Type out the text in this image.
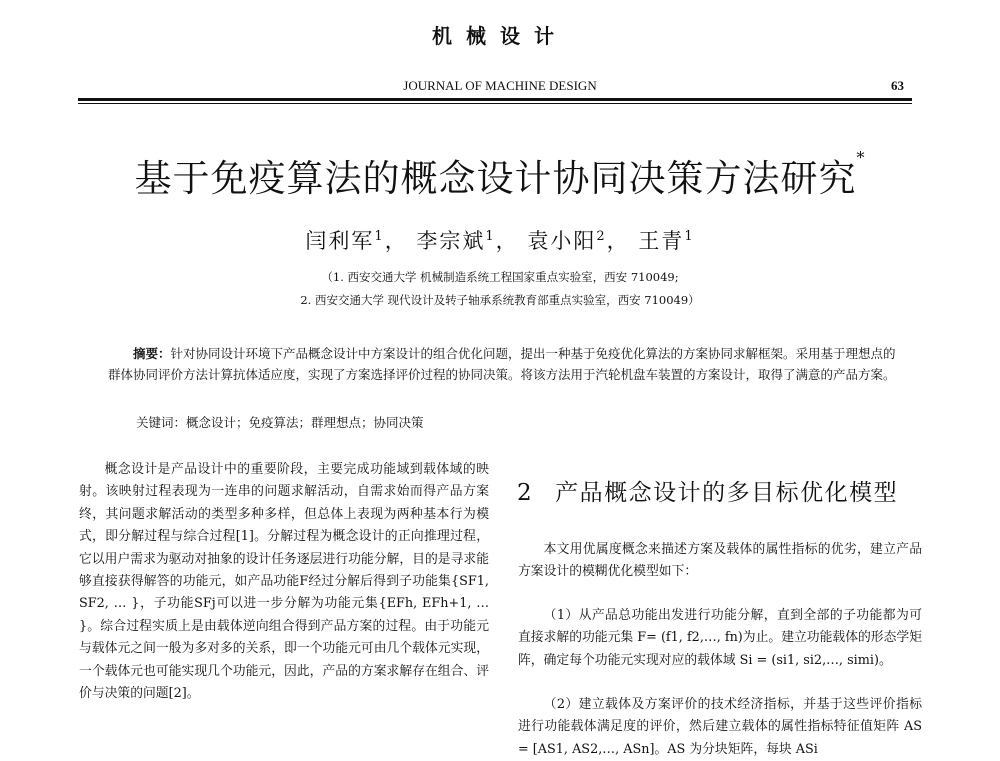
机械设计
JOURNAL OF MACHINE DESIGN	63
基于免疫算法的概念设计协同决策方法研究*
闫利军$^1$， 李宗斌$^1$， 袁小阳$^2$， 王青$^1$
（1. 西安交通大学 机械制造系统工程国家重点实验室，西安 710049;
2. 西安交通大学 现代设计及转子轴承系统教育部重点实验室，西安 710049）
摘要：针对协同设计环境下产品概念设计中方案设计的组合优化问题，提出一种基于免疫优化算法的方案协同求解框架。采用基于理想点的群体协同评价方法计算抗体适应度，实现了方案选择评价过程的协同决策。将该方法用于汽轮机盘车装置的方案设计，取得了满意的产品方案。
关键词：概念设计；免疫算法；群理想点；协同决策
概念设计是产品设计中的重要阶段，主要完成功能域到载体域的映射。该映射过程表现为一连串的问题求解活动，自需求始而得产品方案终，其问题求解活动的类型多种多样，但总体上表现为两种基本行为模式，即分解过程与综合过程[1]。分解过程为概念设计的正向推理过程，它以用户需求为驱动对抽象的设计任务逐层进行功能分解，目的是寻求能够直接获得解答的功能元，如产品功能F经过分解后得到子功能集{SF1, SF2, … }，子功能SFj可以进一步分解为功能元集{EFh, EFh+1, … }。综合过程实质上是由载体逆向组合得到产品方案的过程。由于功能元与载体元之间一般为多对多的关系，即一个功能元可由几个载体元实现，一个载体元也可能实现几个功能元，因此，产品的方案求解存在组合、评价与决策的问题[2]。
2 产品概念设计的多目标优化模型
本文用优属度概念来描述方案及载体的属性指标的优劣，建立产品方案设计的模糊优化模型如下：
（1）从产品总功能出发进行功能分解，直到全部的子功能都为可直接求解的功能元集 F= (f1, f2,…, fn)为止。建立功能载体的形态学矩阵，确定每个功能元实现对应的载体域 Si = (si1, si2,…, simi)。
（2）建立载体及方案评价的技术经济指标，并基于这些评价指标进行功能载体满足度的评价，然后建立载体的属性指标特征值矩阵 AS = [AS1, AS2,…, ASn]。AS 为分块矩阵，每块 ASi
